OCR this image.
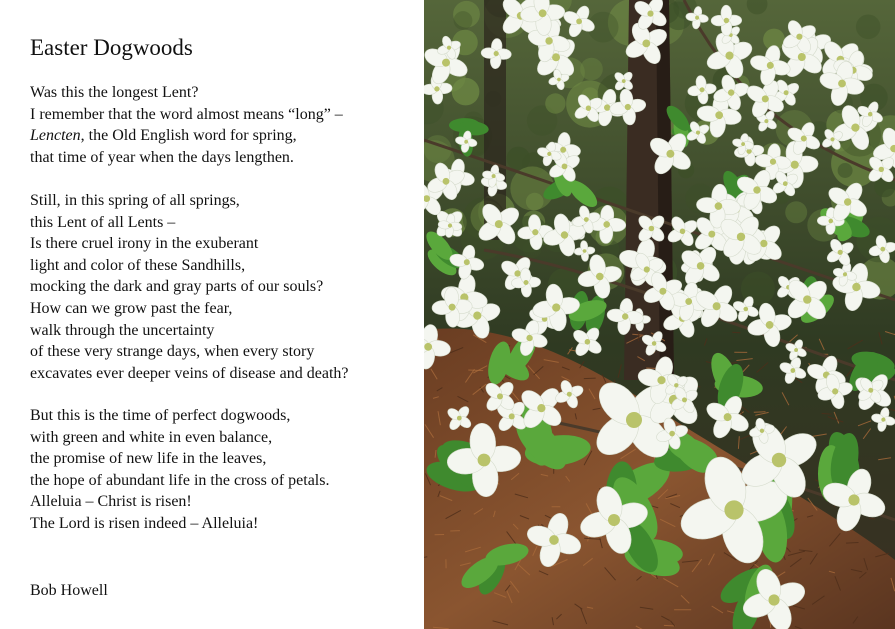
Easter Dogwoods
Was this the longest Lent?
I remember that the word almost means “long” –
Lencten, the Old English word for spring,
that time of year when the days lengthen.
Still, in this spring of all springs,
this Lent of all Lents –
Is there cruel irony in the exuberant
light and color of these Sandhills,
mocking the dark and gray parts of our souls?
How can we grow past the fear,
walk through the uncertainty
of these very strange days, when every story
excavates ever deeper veins of disease and death?
But this is the time of perfect dogwoods,
with green and white in even balance,
the promise of new life in the leaves,
the hope of abundant life in the cross of petals.
Alleluia – Christ is risen!
The Lord is risen indeed – Alleluia!
Bob Howell
